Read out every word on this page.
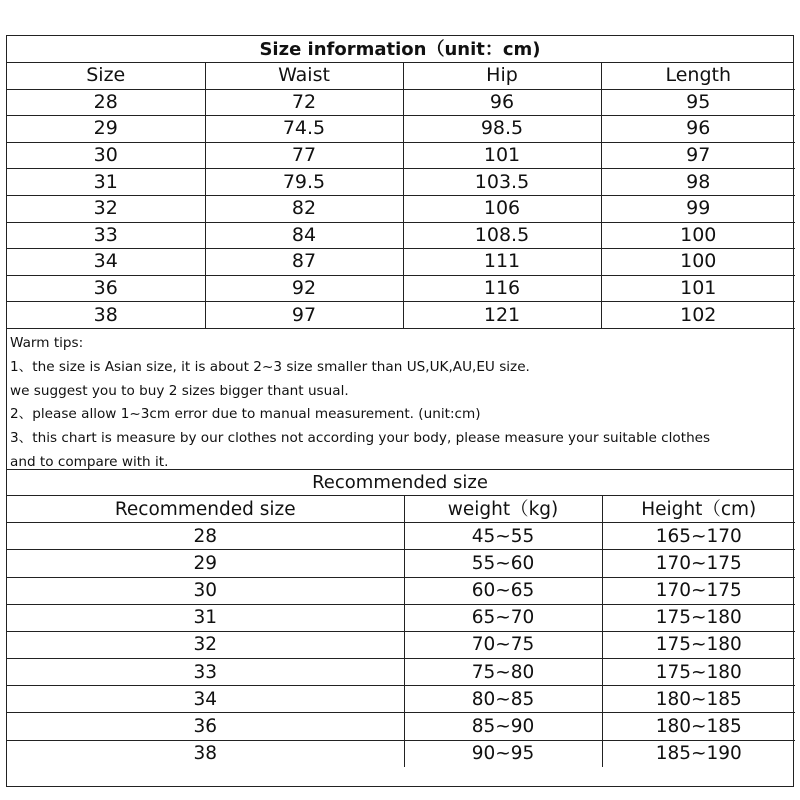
Size information（unit：cm)
Size	Waist	Hip	Length
28	72	96	95
29	74.5	98.5	96
30	77	101	97
31	79.5	103.5	98
32	82	106	99
33	84	108.5	100
34	87	111	100
36	92	116	101
38	97	121	102
Warm tips:
1、the size is Asian size, it is about 2~3 size smaller than US,UK,AU,EU size.
we suggest you to buy 2 sizes bigger thant usual.
2、please allow 1~3cm error due to manual measurement. (unit:cm)
3、this chart is measure by our clothes not according your body, please measure your suitable clothes
and to compare with it.
Recommended size
Recommended size	weight（kg)	Height（cm)
28	45~55	165~170
29	55~60	170~175
30	60~65	170~175
31	65~70	175~180
32	70~75	175~180
33	75~80	175~180
34	80~85	180~185
36	85~90	180~185
38	90~95	185~190
